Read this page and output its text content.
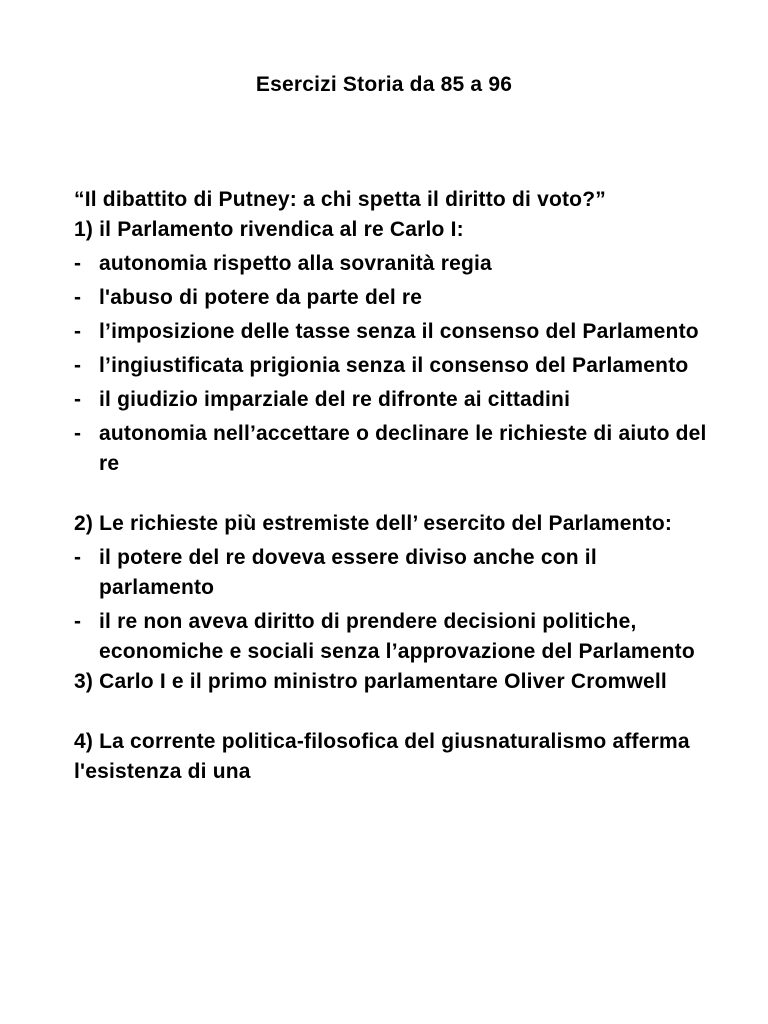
Esercizi Storia da 85 a 96

“Il dibattito di Putney: a chi spetta il diritto di voto?”

1) il Parlamento rivendica al re Carlo I:

- autonomia rispetto alla sovranità regia
- l'abuso di potere da parte del re
- l’imposizione delle tasse senza il consenso del Parlamento
- l’ingiustificata prigionia senza il consenso del Parlamento
- il giudizio imparziale del re difronte ai cittadini
- autonomia nell’accettare o declinare le richieste di aiuto del re

2) Le richieste più estremiste dell’ esercito del Parlamento:

- il potere del re doveva essere diviso anche con il parlamento
- il re non aveva diritto di prendere decisioni politiche, economiche e sociali senza l’approvazione del Parlamento

3) Carlo I e il primo ministro parlamentare Oliver Cromwell

4) La corrente politica-filosofica del giusnaturalismo afferma l'esistenza di una
